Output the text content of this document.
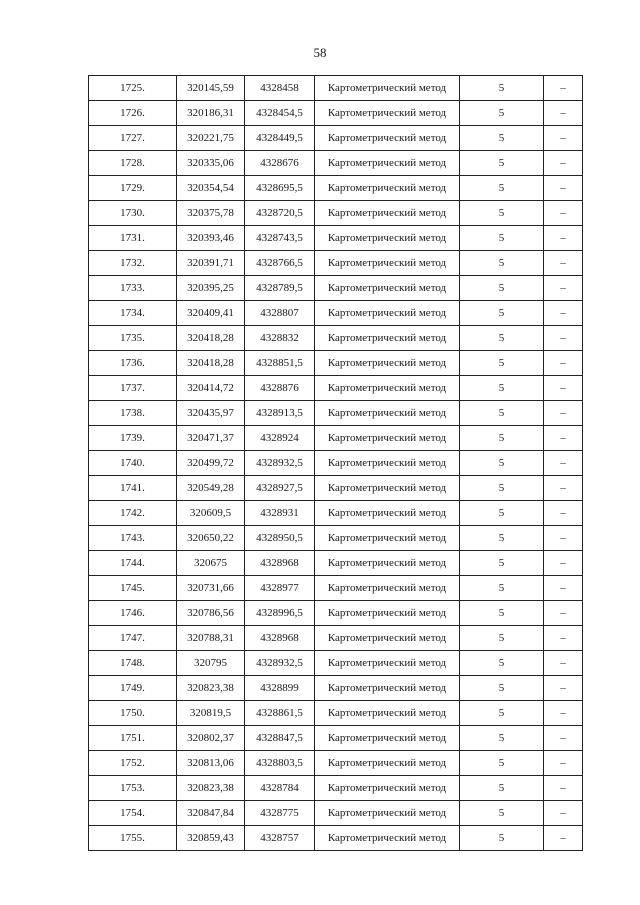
58
1725.	320145,59	4328458	Картометрический метод	5	–
1726.	320186,31	4328454,5	Картометрический метод	5	–
1727.	320221,75	4328449,5	Картометрический метод	5	–
1728.	320335,06	4328676	Картометрический метод	5	–
1729.	320354,54	4328695,5	Картометрический метод	5	–
1730.	320375,78	4328720,5	Картометрический метод	5	–
1731.	320393,46	4328743,5	Картометрический метод	5	–
1732.	320391,71	4328766,5	Картометрический метод	5	–
1733.	320395,25	4328789,5	Картометрический метод	5	–
1734.	320409,41	4328807	Картометрический метод	5	–
1735.	320418,28	4328832	Картометрический метод	5	–
1736.	320418,28	4328851,5	Картометрический метод	5	–
1737.	320414,72	4328876	Картометрический метод	5	–
1738.	320435,97	4328913,5	Картометрический метод	5	–
1739.	320471,37	4328924	Картометрический метод	5	–
1740.	320499,72	4328932,5	Картометрический метод	5	–
1741.	320549,28	4328927,5	Картометрический метод	5	–
1742.	320609,5	4328931	Картометрический метод	5	–
1743.	320650,22	4328950,5	Картометрический метод	5	–
1744.	320675	4328968	Картометрический метод	5	–
1745.	320731,66	4328977	Картометрический метод	5	–
1746.	320786,56	4328996,5	Картометрический метод	5	–
1747.	320788,31	4328968	Картометрический метод	5	–
1748.	320795	4328932,5	Картометрический метод	5	–
1749.	320823,38	4328899	Картометрический метод	5	–
1750.	320819,5	4328861,5	Картометрический метод	5	–
1751.	320802,37	4328847,5	Картометрический метод	5	–
1752.	320813,06	4328803,5	Картометрический метод	5	–
1753.	320823,38	4328784	Картометрический метод	5	–
1754.	320847,84	4328775	Картометрический метод	5	–
1755.	320859,43	4328757	Картометрический метод	5	–
